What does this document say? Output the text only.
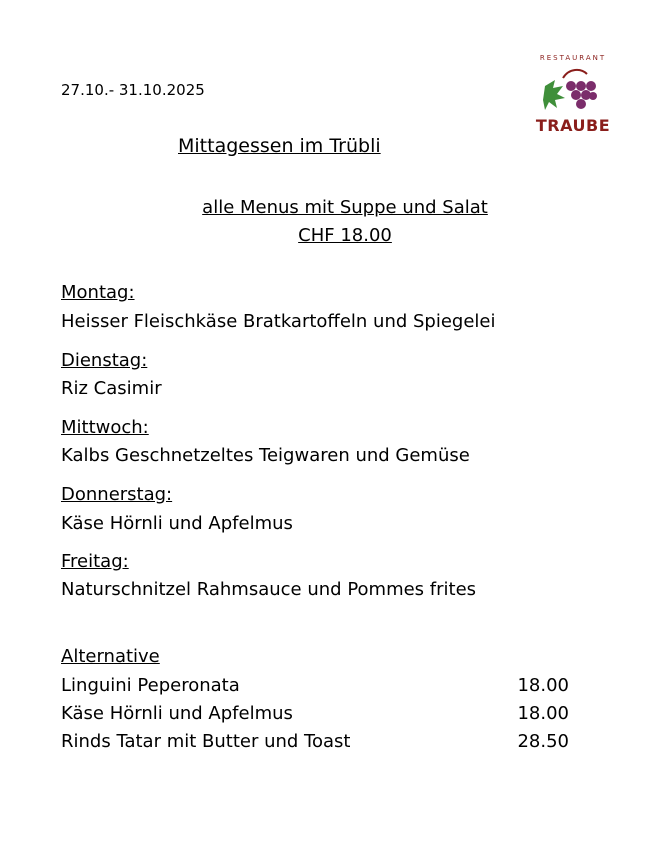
27.10.- 31.10.2025
RESTAURANT
TRAUBE
Mittagessen im Trübli
alle Menus mit Suppe und Salat
CHF 18.00
Montag:
Heisser Fleischkäse Bratkartoffeln und Spiegelei
Dienstag:
Riz Casimir
Mittwoch:
Kalbs Geschnetzeltes Teigwaren und Gemüse
Donnerstag:
Käse Hörnli und Apfelmus
Freitag:
Naturschnitzel Rahmsauce und Pommes frites
Alternative
Linguini Peperonata	18.00
Käse Hörnli und Apfelmus	18.00
Rinds Tatar mit Butter und Toast	28.50
